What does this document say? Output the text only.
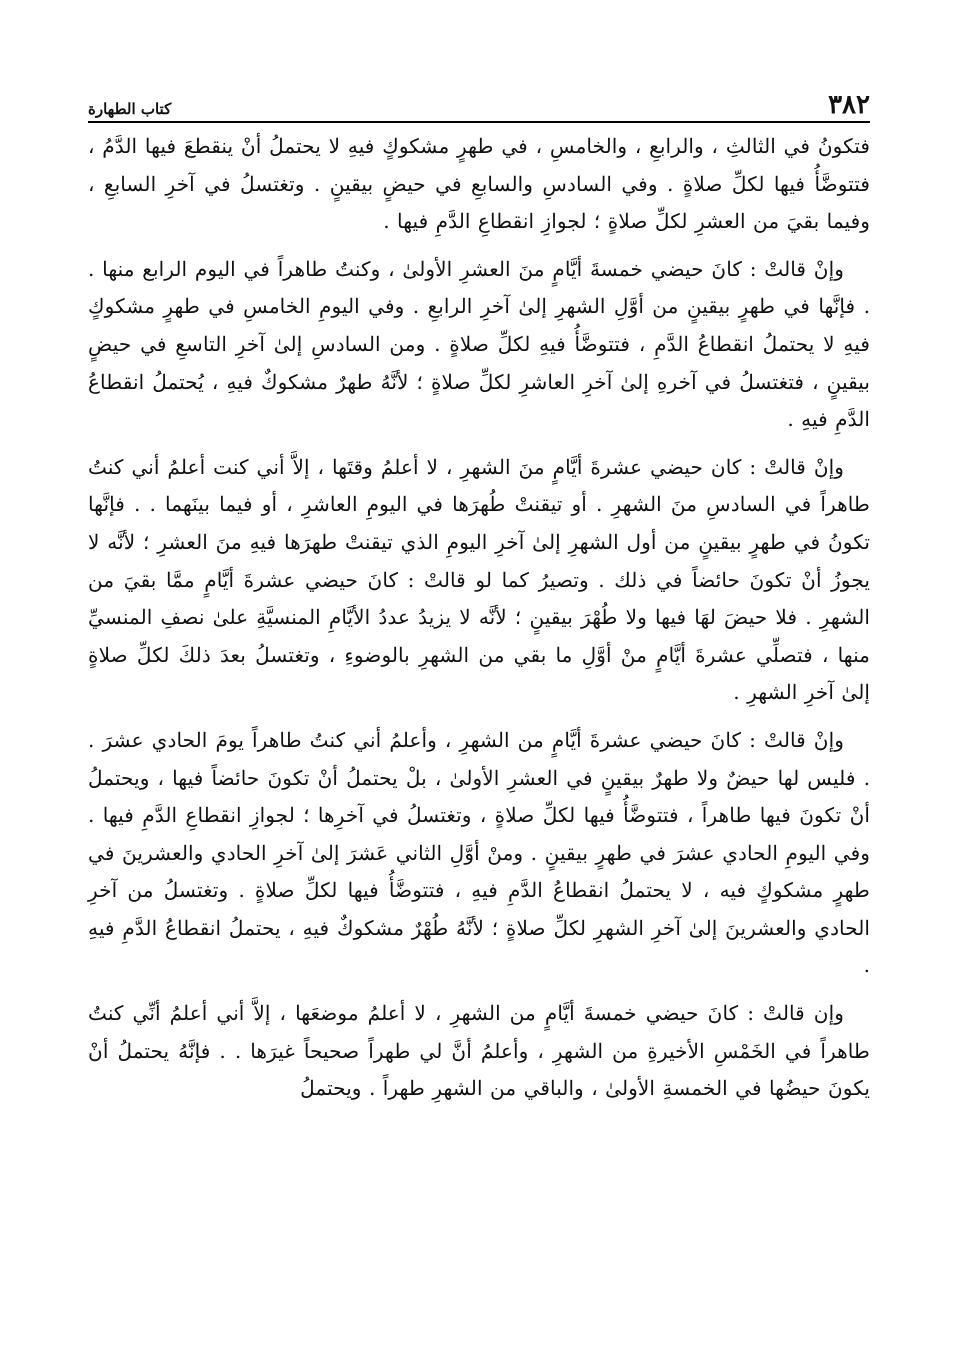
٣٨٢
كتاب الطهارة

فتكونُ في الثالثِ ، والرابعِ ، والخامسِ ، في طهرٍ مشكوكٍ فيهِ لا يحتملُ أنْ ينقطعَ فيها الدَّمُ ، فتتوضَّأُ فيها لكلِّ صلاةٍ . وفي السادسِ والسابعِ في حيضٍ بيقينٍ . وتغتسلُ في آخرِ السابعِ ، وفيما بقيَ من العشرِ لكلِّ صلاةٍ ؛ لجوازِ انقطاعِ الدَّمِ فيها .

وإنْ قالتْ : كانَ حيضي خمسةَ أيَّامٍ منَ العشرِ الأولىٰ ، وكنتُ طاهراً في اليوم الرابع منها . . فإنَّها في طهرٍ بيقينٍ من أوَّلِ الشهرِ إلىٰ آخرِ الرابعِ . وفي اليومِ الخامسِ في طهرٍ مشكوكٍ فيهِ لا يحتملُ انقطاعُ الدَّمِ ، فتتوضَّأُ فيهِ لكلِّ صلاةٍ . ومن السادسِ إلىٰ آخرِ التاسعِ في حيضٍ بيقينٍ ، فتغتسلُ في آخرهِ إلىٰ آخرِ العاشرِ لكلِّ صلاةٍ ؛ لأنَّهُ طهرٌ مشكوكٌ فيهِ ، يُحتملُ انقطاعُ الدَّمِ فيهِ .

وإنْ قالتْ : كان حيضي عشرةَ أيَّامٍ منَ الشهرِ ، لا أعلمُ وقتَها ، إلاَّ أني كنت أعلمُ أني كنتُ طاهراً في السادسِ منَ الشهرِ . أو تيقنتْ طُهرَها في اليومِ العاشرِ ، أو فيما بينَهما . . فإنَّها تكونُ في طهرٍ بيقينٍ من أول الشهرِ إلىٰ آخرِ اليومِ الذي تيقنتْ طهرَها فيهِ منَ العشرِ ؛ لأنَّه لا يجوزُ أنْ تكونَ حائضاً في ذلك . وتصيرُ كما لو قالتْ : كانَ حيضي عشرةَ أيَّامٍ ممَّا بقيَ من الشهرِ . فلا حيضَ لهَا فيها ولا طُهْرَ بيقينٍ ؛ لأنَّه لا يزيدُ عددُ الأيَّامِ المنسيَّةِ علىٰ نصفِ المنسيِّ منها ، فتصلِّي عشرةَ أيَّامٍ منْ أوَّلِ ما بقي من الشهرِ بالوضوءِ ، وتغتسلُ بعدَ ذلكَ لكلِّ صلاةٍ إلىٰ آخرِ الشهرِ .

وإنْ قالتْ : كانَ حيضي عشرةَ أيَّامٍ من الشهرِ ، وأعلمُ أني كنتُ طاهراً يومَ الحادي عشرَ . . فليس لها حيضٌ ولا طهرٌ بيقينٍ في العشرِ الأولىٰ ، بلْ يحتملُ أنْ تكونَ حائضاً فيها ، ويحتملُ أنْ تكونَ فيها طاهراً ، فتتوضَّأُ فيها لكلِّ صلاةٍ ، وتغتسلُ في آخرِها ؛ لجوازِ انقطاعِ الدَّمِ فيها . وفي اليومِ الحادي عشرَ في طهرٍ بيقينٍ . ومنْ أوَّلِ الثاني عَشرَ إلىٰ آخرِ الحادي والعشرينَ في طهرٍ مشكوكٍ فيه ، لا يحتملُ انقطاعُ الدَّمِ فيهِ ، فتتوضَّأُ فيها لكلِّ صلاةٍ . وتغتسلُ من آخرِ الحادي والعشرينَ إلىٰ آخرِ الشهرِ لكلِّ صلاةٍ ؛ لأنَّهُ طُهْرٌ مشكوكٌ فيهِ ، يحتملُ انقطاعُ الدَّمِ فيهِ .

وإن قالتْ : كانَ حيضي خمسةَ أيَّامٍ من الشهرِ ، لا أعلمُ موضعَها ، إلاَّ أني أعلمُ أنِّي كنتُ طاهراً في الخَمْسِ الأخيرةِ من الشهرِ ، وأعلمُ أنَّ لي طهراً صحيحاً غيرَها . . فإنَّهُ يحتملُ أنْ يكونَ حيضُها في الخمسةِ الأولىٰ ، والباقي من الشهرِ طهراً . ويحتملُ
